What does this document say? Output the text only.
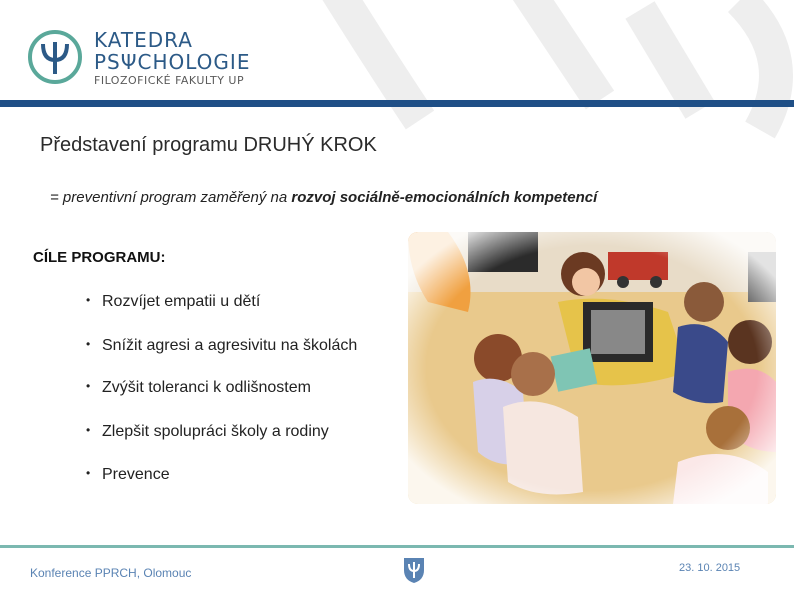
KATEDRA
PSΨCHOLOGIE
FILOZOFICKÉ FAKULTY UP
Představení programu DRUHÝ KROK
= preventivní program zaměřený na rozvoj sociálně-emocionálních kompetencí
CÍLE PROGRAMU:
• Rozvíjet empatii u dětí
• Snížit agresi a agresivitu na školách
• Zvýšit toleranci k odlišnostem
• Zlepšit spolupráci školy a rodiny
• Prevence
Konference PPRCH, Olomouc	23. 10. 2015
